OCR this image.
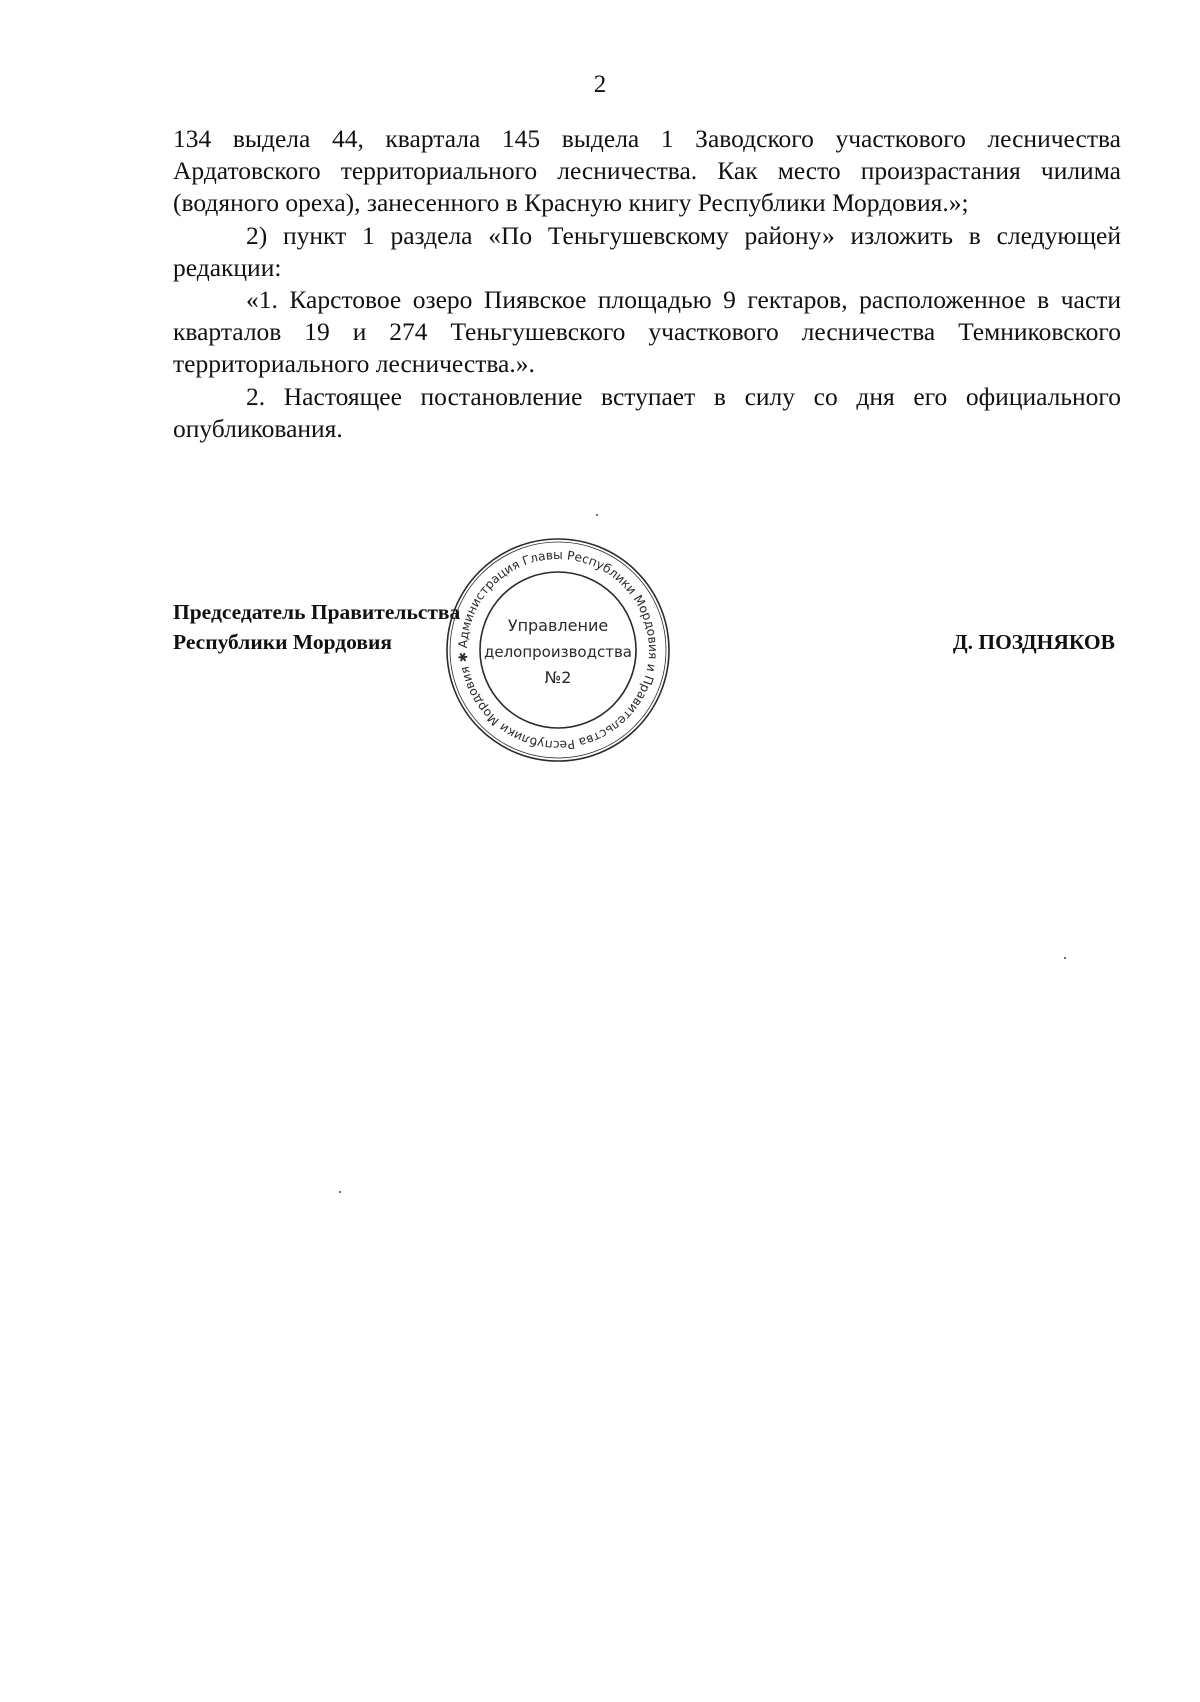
2

134 выдела 44, квартала 145 выдела 1 Заводского участкового лесничества Ардатовского территориального лесничества. Как место произрастания чилима (водяного ореха), занесенного в Красную книгу Республики Мордовия.»;

2) пункт 1 раздела «По Теньгушевскому району» изложить в следующей редакции:

«1. Карстовое озеро Пиявское площадью 9 гектаров, расположенное в части кварталов 19 и 274 Теньгушевского участкового лесничества Темниковского территориального лесничества.».

2. Настоящее постановление вступает в силу со дня его официального опубликования.

Председатель Правительства
Республики Мордовия	Д. ПОЗДНЯКОВ
Администрация Главы Республики Мордовия и Правительства Республики Мордовия ✱
Управление
делопроизводства
№2
